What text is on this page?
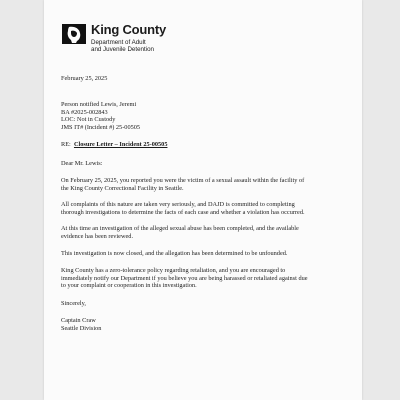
King County
Department of Adult
and Juvenile Detention
February 25, 2025
Person notified Lewis, Jeremi
BA #2025-002843
LOC: Not in Custody
JMS IT# (Incident #) 25-00505
RE: Closure Letter – Incident 25-00505
Dear Mr. Lewis:
On February 25, 2025, you reported you were the victim of a sexual assault within the facility of
the King County Correctional Facility in Seattle.
All complaints of this nature are taken very seriously, and DAJD is committed to completing
thorough investigations to determine the facts of each case and whether a violation has occurred.
At this time an investigation of the alleged sexual abuse has been completed, and the available
evidence has been reviewed.
This investigation is now closed, and the allegation has been determined to be unfounded.
King County has a zero-tolerance policy regarding retaliation, and you are encouraged to
immediately notify our Department if you believe you are being harassed or retaliated against due
to your complaint or cooperation in this investigation.
Sincerely,
Captain Craw
Seattle Division
